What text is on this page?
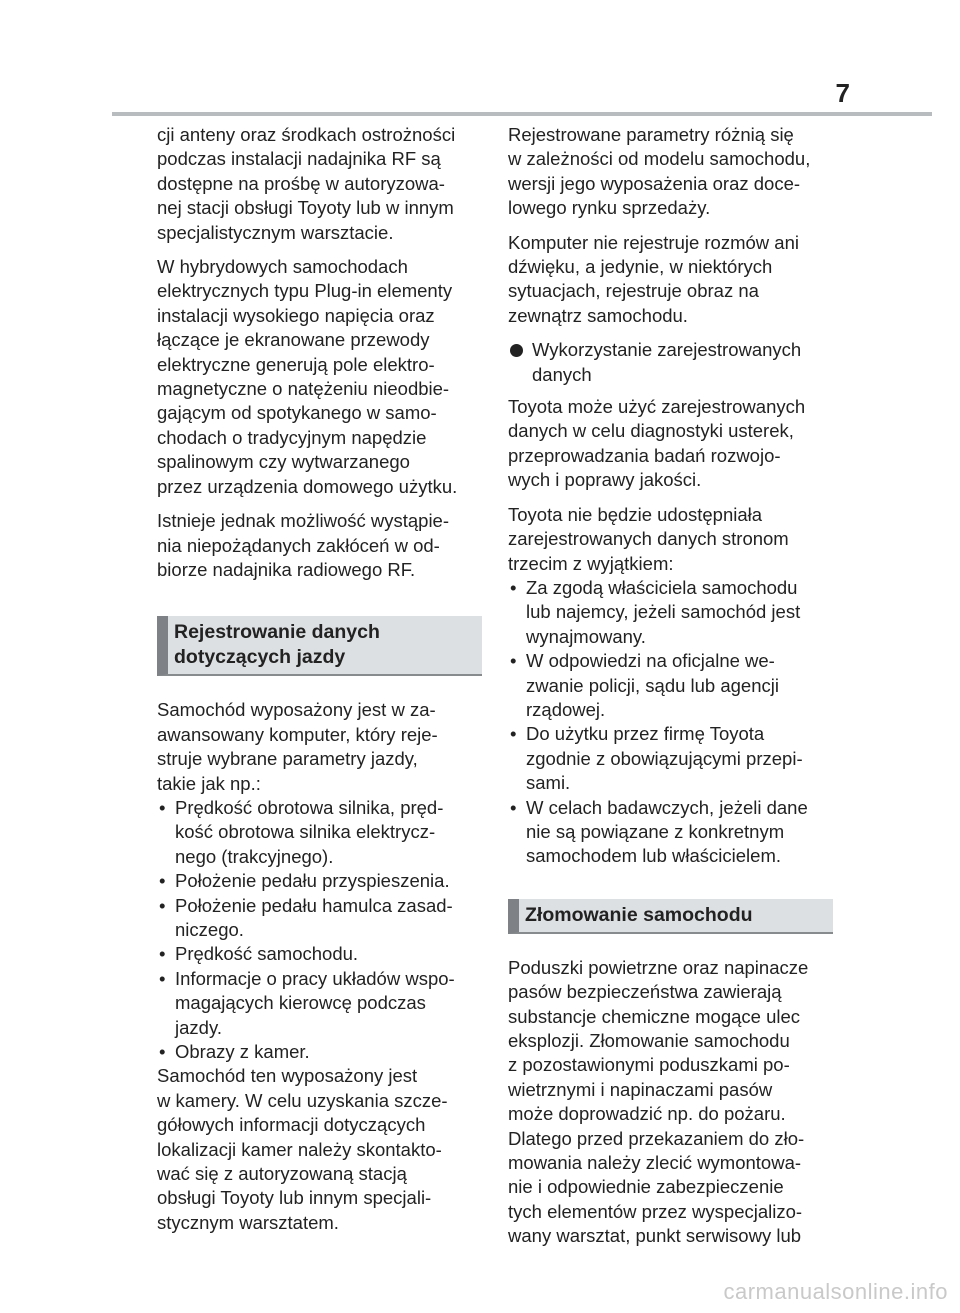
7

cji anteny oraz środkach ostrożności
podczas instalacji nadajnika RF są
dostępne na prośbę w autoryzowa-
nej stacji obsługi Toyoty lub w innym
specjalistycznym warsztacie.

W hybrydowych samochodach
elektrycznych typu Plug-in elementy
instalacji wysokiego napięcia oraz
łączące je ekranowane przewody
elektryczne generują pole elektro-
magnetyczne o natężeniu nieodbie-
gającym od spotykanego w samo-
chodach o tradycyjnym napędzie
spalinowym czy wytwarzanego
przez urządzenia domowego użytku.

Istnieje jednak możliwość wystąpie-
nia niepożądanych zakłóceń w od-
biorze nadajnika radiowego RF.

Rejestrowanie danych
dotyczących jazdy

Samochód wyposażony jest w za-
awansowany komputer, który reje-
struje wybrane parametry jazdy,
takie jak np.:

• Prędkość obrotowa silnika, pręd-
kość obrotowa silnika elektrycz-
nego (trakcyjnego).
• Położenie pedału przyspieszenia.
• Położenie pedału hamulca zasad-
niczego.
• Prędkość samochodu.
• Informacje o pracy układów wspo-
magających kierowcę podczas
jazdy.
• Obrazy z kamer.

Samochód ten wyposażony jest
w kamery. W celu uzyskania szcze-
gółowych informacji dotyczących
lokalizacji kamer należy skontakto-
wać się z autoryzowaną stacją
obsługi Toyoty lub innym specjali-
stycznym warsztatem.

Rejestrowane parametry różnią się
w zależności od modelu samochodu,
wersji jego wyposażenia oraz doce-
lowego rynku sprzedaży.

Komputer nie rejestruje rozmów ani
dźwięku, a jedynie, w niektórych
sytuacjach, rejestruje obraz na
zewnątrz samochodu.

Wykorzystanie zarejestrowanych
danych

Toyota może użyć zarejestrowanych
danych w celu diagnostyki usterek,
przeprowadzania badań rozwojo-
wych i poprawy jakości.

Toyota nie będzie udostępniała
zarejestrowanych danych stronom
trzecim z wyjątkiem:

• Za zgodą właściciela samochodu
lub najemcy, jeżeli samochód jest
wynajmowany.
• W odpowiedzi na oficjalne we-
zwanie policji, sądu lub agencji
rządowej.
• Do użytku przez firmę Toyota
zgodnie z obowiązującymi przepi-
sami.
• W celach badawczych, jeżeli dane
nie są powiązane z konkretnym
samochodem lub właścicielem.
Złomowanie samochodu

Poduszki powietrzne oraz napinacze
pasów bezpieczeństwa zawierają
substancje chemiczne mogące ulec
eksplozji. Złomowanie samochodu
z pozostawionymi poduszkami po-
wietrznymi i napinaczami pasów
może doprowadzić np. do pożaru.
Dlatego przed przekazaniem do zło-
mowania należy zlecić wymontowa-
nie i odpowiednie zabezpieczenie
tych elementów przez wyspecjalizo-
wany warsztat, punkt serwisowy lub

carmanualsonline.info
